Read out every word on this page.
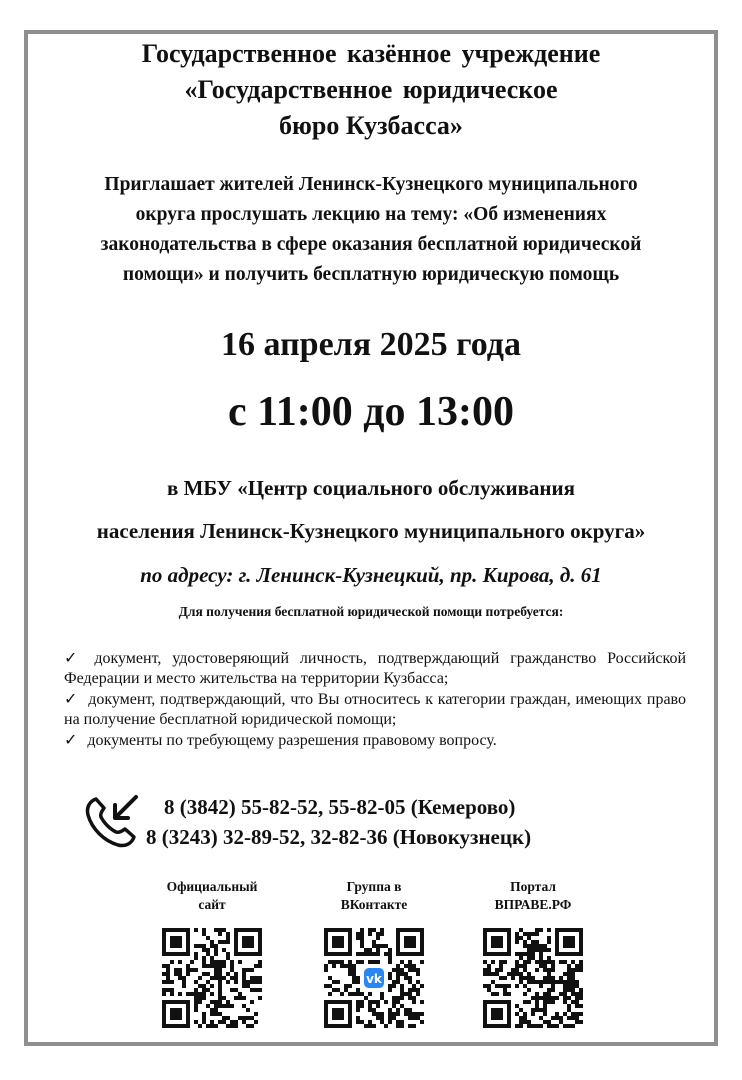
Государственное казённое учреждение
«Государственное юридическое
бюро Кузбасса»
Приглашает жителей Ленинск-Кузнецкого муниципального
округа прослушать лекцию на тему: «Об изменениях
законодательства в сфере оказания бесплатной юридической
помощи» и получить бесплатную юридическую помощь
16 апреля 2025 года
с 11:00 до 13:00
в МБУ «Центр социального обслуживания
населения Ленинск-Кузнецкого муниципального округа»
по адресу: г. Ленинск-Кузнецкий, пр. Кирова, д. 61
Для получения бесплатной юридической помощи потребуется:
✓ документ, удостоверяющий личность, подтверждающий гражданство Российской Федерации и место жительства на территории Кузбасса;
✓ документ, подтверждающий, что Вы относитесь к категории граждан, имеющих право на получение бесплатной юридической помощи;
✓ документы по требующему разрешения правовому вопросу.
8 (3842) 55-82-52, 55-82-05 (Кемерово)
8 (3243) 32-89-52, 32-82-36 (Новокузнецк)
Официальный
сайт
Группа в
ВКонтакте
vk
Портал
ВПРАВЕ.РФ
